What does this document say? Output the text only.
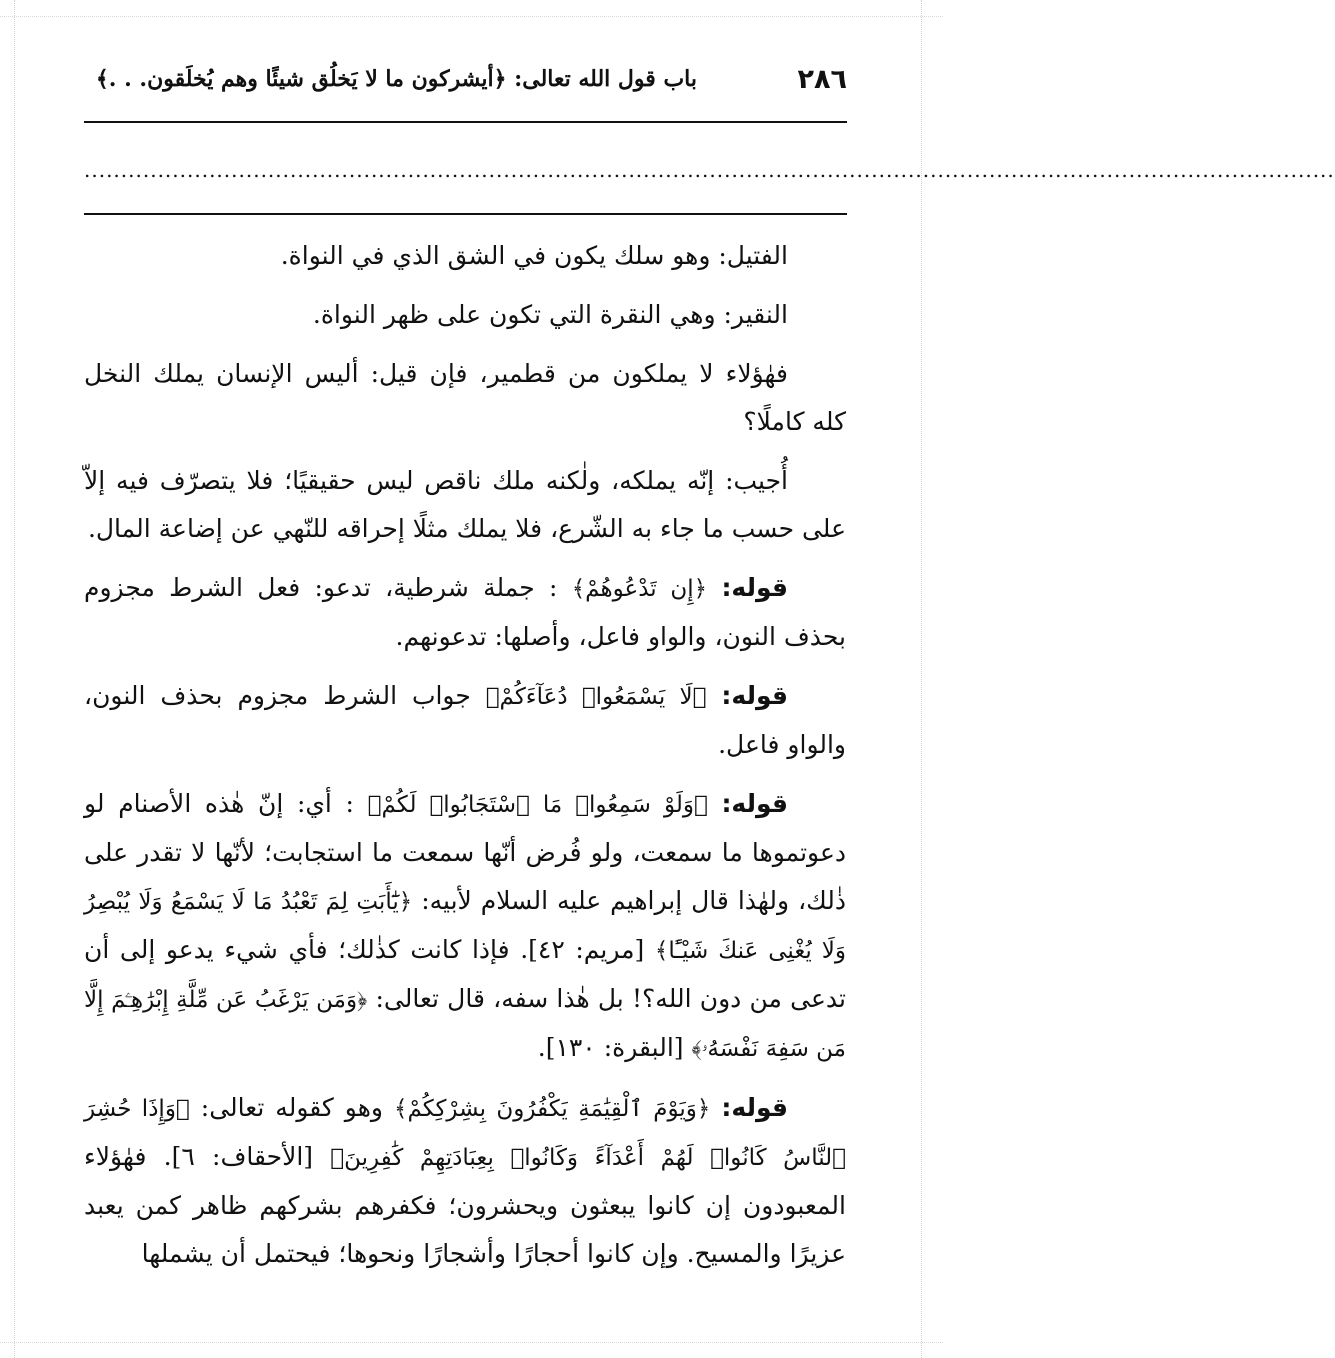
٢٨٦
باب قول الله تعالى: ﴿أيشركون ما لا يَخلُق شيئًا وهم يُخلَقون. . .﴾
..........................................................................................................................................................................

الفتيل: وهو سلك يكون في الشق الذي في النواة.

النقير: وهي النقرة التي تكون على ظهر النواة.

فهٰؤلاء لا يملكون من قطمير، فإن قيل: أليس الإنسان يملك النخل كله كاملًا؟

أُجيب: إنّه يملكه، ولٰكنه ملك ناقص ليس حقيقيًا؛ فلا يتصرّف فيه إلاّ على حسب ما جاء به الشّرع، فلا يملك مثلًا إحراقه للنّهي عن إضاعة المال.

قوله: ﴿إِن تَدْعُوهُمْ﴾ : جملة شرطية، تدعو: فعل الشرط مجزوم بحذف النون، والواو فاعل، وأصلها: تدعونهم.

قوله: ﴿لَا يَسْمَعُوا۟ دُعَآءَكُمْ﴾ جواب الشرط مجزوم بحذف النون، والواو فاعل.

قوله: ﴿وَلَوْ سَمِعُوا۟ مَا ٱسْتَجَابُوا۟ لَكُمْ﴾ : أي: إنّ هٰذه الأصنام لو دعوتموها ما سمعت، ولو فُرض أنّها سمعت ما استجابت؛ لأنّها لا تقدر على ذٰلك، ولهٰذا قال إبراهيم عليه السلام لأبيه: ﴿يَٰٓأَبَتِ لِمَ تَعْبُدُ مَا لَا يَسْمَعُ وَلَا يُبْصِرُ وَلَا يُغْنِى عَنكَ شَيْـًٔا﴾ [مريم: ٤٢]. فإذا كانت كذٰلك؛ فأي شيء يدعو إلى أن تدعى من دون الله؟! بل هٰذا سفه، قال تعالى: ﴿وَمَن يَرْغَبُ عَن مِّلَّةِ إِبْرَٰهِـۧمَ إِلَّا مَن سَفِهَ نَفْسَهُۥ﴾ [البقرة: ١٣٠].

قوله: ﴿وَيَوْمَ ٱلْقِيَٰمَةِ يَكْفُرُونَ بِشِرْكِكُمْ﴾ وهو كقوله تعالى: ﴿وَإِذَا حُشِرَ ٱلنَّاسُ كَانُوا۟ لَهُمْ أَعْدَآءً وَكَانُوا۟ بِعِبَادَتِهِمْ كَٰفِرِينَ﴾ [الأحقاف: ٦]. فهٰؤلاء المعبودون إن كانوا يبعثون ويحشرون؛ فكفرهم بشركهم ظاهر كمن يعبد عزيرًا والمسيح. وإن كانوا أحجارًا وأشجارًا ونحوها؛ فيحتمل أن يشملها
